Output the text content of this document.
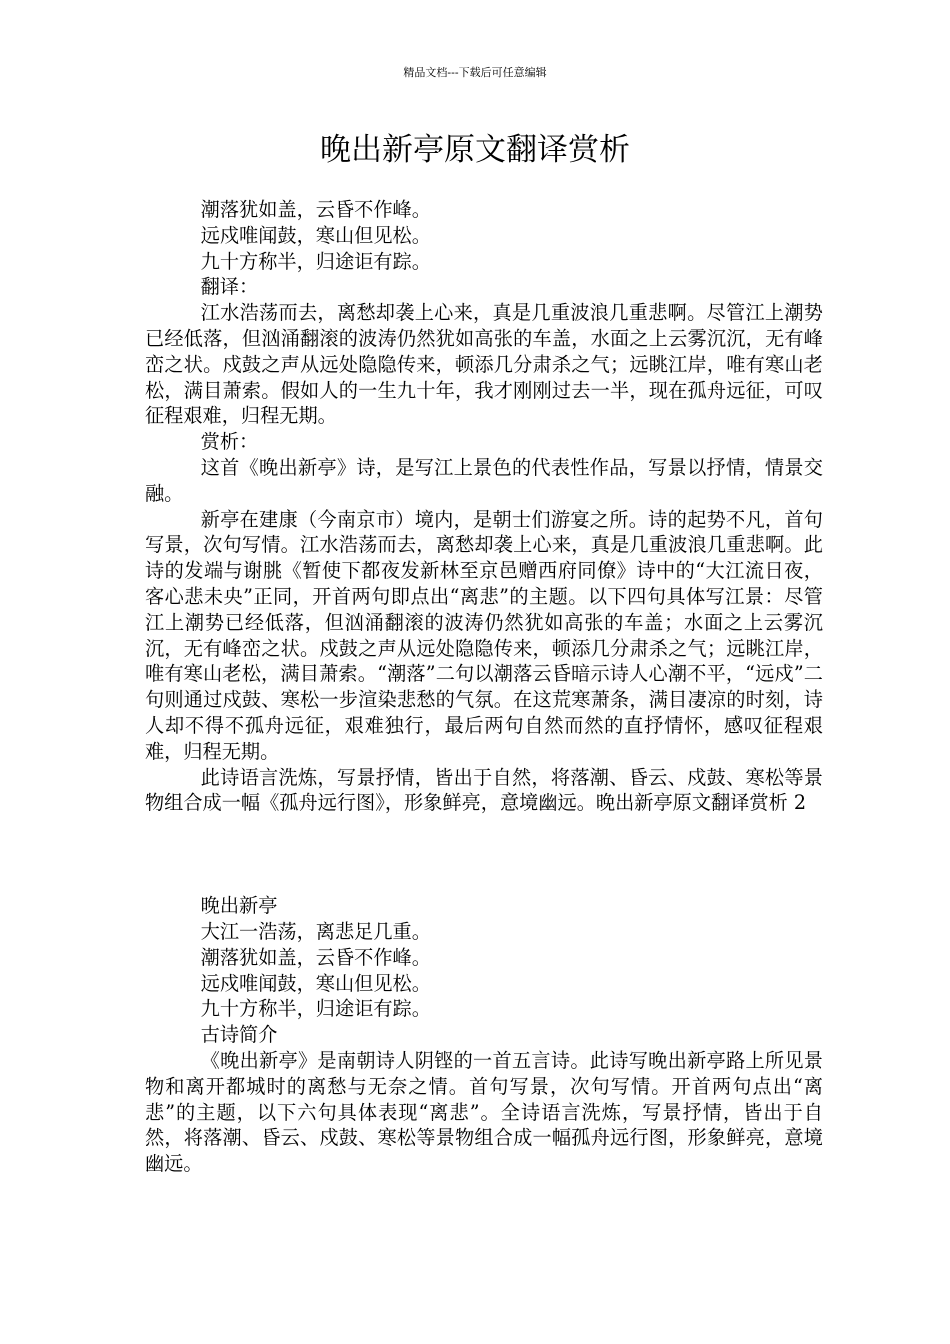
精品文档---下载后可任意编辑
晚出新亭原文翻译赏析

潮落犹如盖，云昏不作峰。

远戍唯闻鼓，寒山但见松。

九十方称半，归途讵有踪。

翻译：

江水浩荡而去，离愁却袭上心来，真是几重波浪几重悲啊。尽管江上潮势已经低落，但汹涌翻滚的波涛仍然犹如高张的车盖，水面之上云雾沉沉，无有峰峦之状。戍鼓之声从远处隐隐传来，顿添几分肃杀之气；远眺江岸，唯有寒山老松，满目萧索。假如人的一生九十年，我才刚刚过去一半，现在孤舟远征，可叹征程艰难，归程无期。

赏析：

这首《晚出新亭》诗，是写江上景色的代表性作品，写景以抒情，情景交融。

新亭在建康（今南京市）境内，是朝士们游宴之所。诗的起势不凡，首句写景，次句写情。江水浩荡而去，离愁却袭上心来，真是几重波浪几重悲啊。此诗的发端与谢朓《暂使下都夜发新林至京邑赠西府同僚》诗中的“大江流日夜，客心悲未央”正同，开首两句即点出“离悲”的主题。以下四句具体写江景：尽管江上潮势已经低落，但汹涌翻滚的波涛仍然犹如高张的车盖；水面之上云雾沉沉，无有峰峦之状。戍鼓之声从远处隐隐传来，顿添几分肃杀之气；远眺江岸，唯有寒山老松，满目萧索。“潮落”二句以潮落云昏暗示诗人心潮不平，“远戍”二句则通过戍鼓、寒松一步渲染悲愁的气氛。在这荒寒萧条，满目凄凉的时刻，诗人却不得不孤舟远征，艰难独行，最后两句自然而然的直抒情怀，感叹征程艰难，归程无期。

此诗语言洗炼，写景抒情，皆出于自然，将落潮、昏云、戍鼓、寒松等景物组合成一幅《孤舟远行图》，形象鲜亮，意境幽远。晚出新亭原文翻译赏析 2

晚出新亭

大江一浩荡，离悲足几重。

潮落犹如盖，云昏不作峰。

远戍唯闻鼓，寒山但见松。

九十方称半，归途讵有踪。

古诗简介

《晚出新亭》是南朝诗人阴铿的一首五言诗。此诗写晚出新亭路上所见景物和离开都城时的离愁与无奈之情。首句写景，次句写情。开首两句点出“离悲”的主题，以下六句具体表现“离悲”。全诗语言洗炼，写景抒情，皆出于自然，将落潮、昏云、戍鼓、寒松等景物组合成一幅孤舟远行图，形象鲜亮，意境幽远。
